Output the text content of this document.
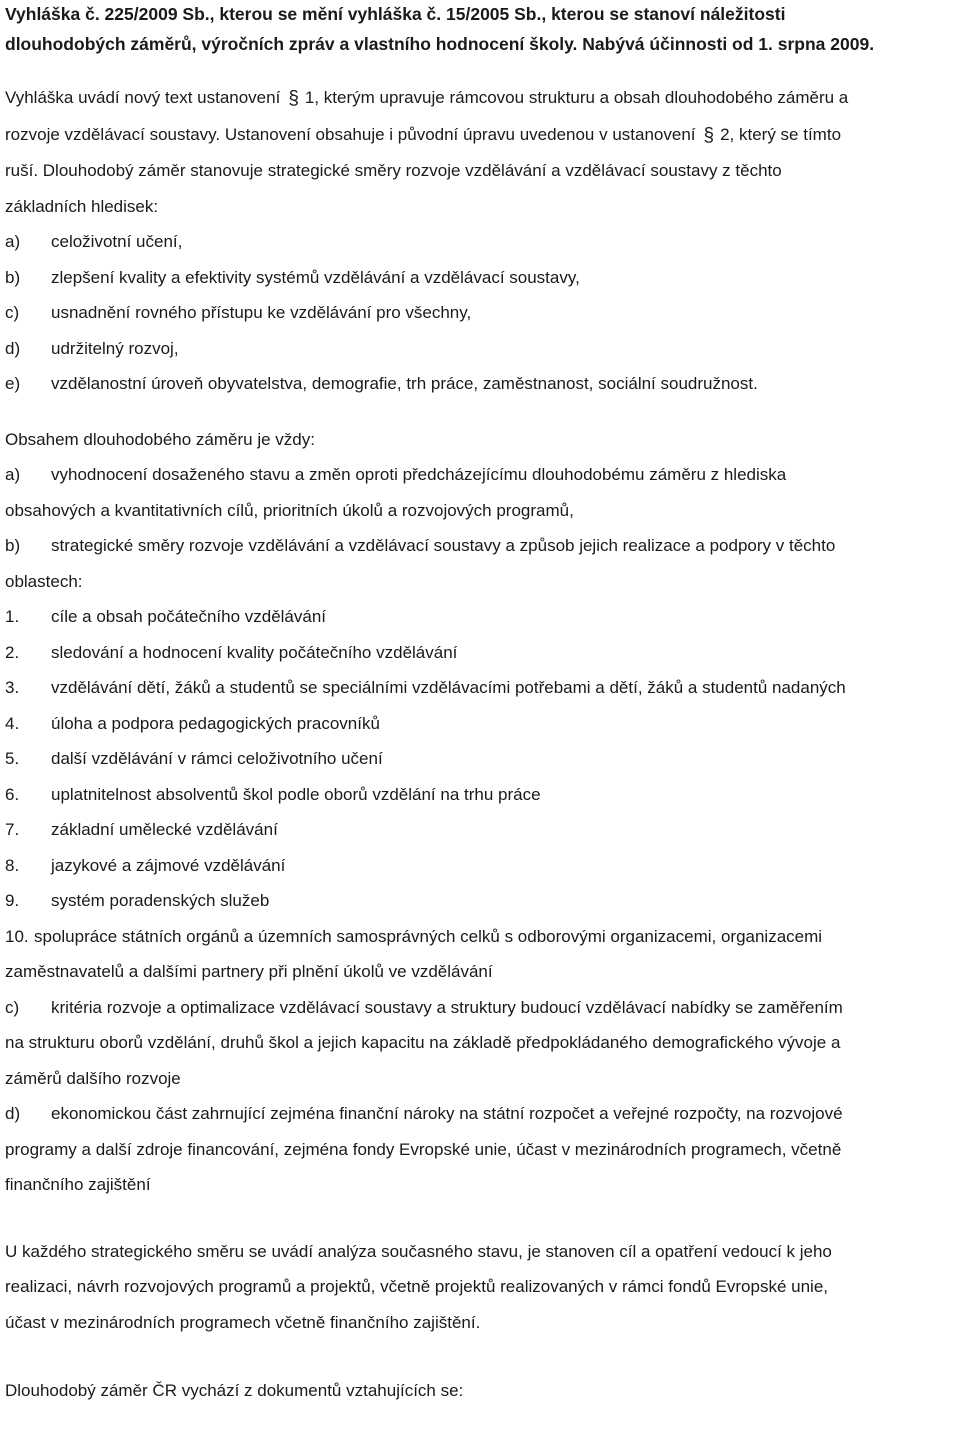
Vyhláška č. 225/2009 Sb., kterou se mění vyhláška č. 15/2005 Sb., kterou se stanoví náležitosti
dlouhodobých záměrů, výročních zpráv a vlastního hodnocení školy. Nabývá účinnosti od 1. srpna 2009.
Vyhláška uvádí nový text ustanovení § 1, kterým upravuje rámcovou strukturu a obsah dlouhodobého záměru a
rozvoje vzdělávací soustavy. Ustanovení obsahuje i původní úpravu uvedenou v ustanovení § 2, který se tímto
ruší. Dlouhodobý záměr stanovuje strategické směry rozvoje vzdělávání a vzdělávací soustavy z těchto
základních hledisek:
a)	celoživotní učení,
b)	zlepšení kvality a efektivity systémů vzdělávání a vzdělávací soustavy,
c)	usnadnění rovného přístupu ke vzdělávání pro všechny,
d)	udržitelný rozvoj,
e)	vzdělanostní úroveň obyvatelstva, demografie, trh práce, zaměstnanost, sociální soudružnost.
Obsahem dlouhodobého záměru je vždy:
a)	vyhodnocení dosaženého stavu a změn oproti předcházejícímu dlouhodobému záměru z hlediska
obsahových a kvantitativních cílů, prioritních úkolů a rozvojových programů,
b)	strategické směry rozvoje vzdělávání a vzdělávací soustavy a způsob jejich realizace a podpory v těchto
oblastech:
1.	cíle a obsah počátečního vzdělávání
2.	sledování a hodnocení kvality počátečního vzdělávání
3.	vzdělávání dětí, žáků a studentů se speciálními vzdělávacími potřebami a dětí, žáků a studentů nadaných
4.	úloha a podpora pedagogických pracovníků
5.	další vzdělávání v rámci celoživotního učení
6.	uplatnitelnost absolventů škol podle oborů vzdělání na trhu práce
7.	základní umělecké vzdělávání
8.	jazykové a zájmové vzdělávání
9.	systém poradenských služeb
10. spolupráce státních orgánů a územních samosprávných celků s odborovými organizacemi, organizacemi
zaměstnavatelů a dalšími partnery při plnění úkolů ve vzdělávání
c)	kritéria rozvoje a optimalizace vzdělávací soustavy a struktury budoucí vzdělávací nabídky se zaměřením
na strukturu oborů vzdělání, druhů škol a jejich kapacitu na základě předpokládaného demografického vývoje a
záměrů dalšího rozvoje
d)	ekonomickou část zahrnující zejména finanční nároky na státní rozpočet a veřejné rozpočty, na rozvojové
programy a další zdroje financování, zejména fondy Evropské unie, účast v mezinárodních programech, včetně
finančního zajištění
U každého strategického směru se uvádí analýza současného stavu, je stanoven cíl a opatření vedoucí k jeho
realizaci, návrh rozvojových programů a projektů, včetně projektů realizovaných v rámci fondů Evropské unie,
účast v mezinárodních programech včetně finančního zajištění.
Dlouhodobý záměr ČR vychází z dokumentů vztahujících se:
